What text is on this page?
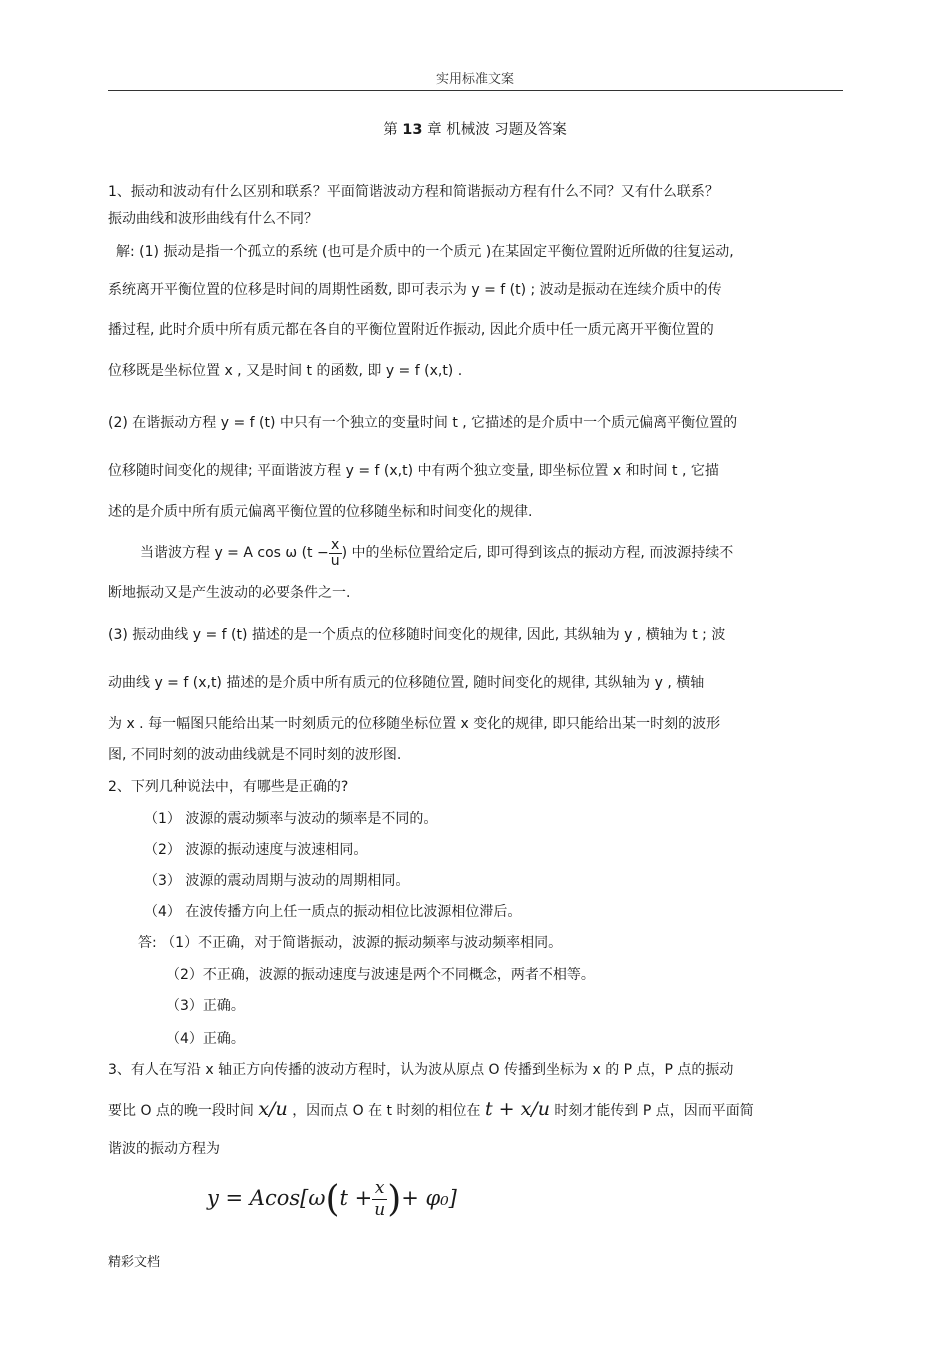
实用标准文案
第 13 章 机械波 习题及答案
1、振动和波动有什么区别和联系？平面简谐波动方程和简谐振动方程有什么不同？又有什么联系？
振动曲线和波形曲线有什么不同？
解: (1) 振动是指一个孤立的系统 (也可是介质中的一个质元 )在某固定平衡位置附近所做的往复运动,
系统离开平衡位置的位移是时间的周期性函数, 即可表示为 y = f (t) ; 波动是振动在连续介质中的传
播过程, 此时介质中所有质元都在各自的平衡位置附近作振动, 因此介质中任一质元离开平衡位置的
位移既是坐标位置 x , 又是时间 t 的函数, 即 y = f (x,t) .
(2) 在谐振动方程 y = f (t) 中只有一个独立的变量时间 t , 它描述的是介质中一个质元偏离平衡位置的
位移随时间变化的规律; 平面谐波方程 y = f (x,t) 中有两个独立变量, 即坐标位置 x 和时间 t , 它描
述的是介质中所有质元偏离平衡位置的位移随坐标和时间变化的规律.
当谐波方程 y = A cos ω ($t - \frac{x}{u}$ ) 中的坐标位置给定后, 即可得到该点的振动方程, 而波源持续不
断地振动又是产生波动的必要条件之一.
(3) 振动曲线 y = f (t) 描述的是一个质点的位移随时间变化的规律, 因此, 其纵轴为 y , 横轴为 t ; 波
动曲线 y = f (x,t) 描述的是介质中所有质元的位移随位置, 随时间变化的规律, 其纵轴为 y , 横轴
为 x . 每一幅图只能给出某一时刻质元的位移随坐标位置 x 变化的规律, 即只能给出某一时刻的波形
图, 不同时刻的波动曲线就是不同时刻的波形图.
2、下列几种说法中，有哪些是正确的?
（1） 波源的震动频率与波动的频率是不同的。
（2） 波源的振动速度与波速相同。
（3） 波源的震动周期与波动的周期相同。
（4） 在波传播方向上任一质点的振动相位比波源相位滞后。
答: （1）不正确，对于简谐振动，波源的振动频率与波动频率相同。
（2）不正确，波源的振动速度与波速是两个不同概念，两者不相等。
（3）正确。
（4）正确。
3、有人在写沿 x 轴正方向传播的波动方程时，认为波从原点 O 传播到坐标为 x 的 P 点，P 点的振动
要比 O 点的晚一段时间 x/u ，因而点 O 在 t 时刻的相位在 t + x/u 时刻才能传到 P 点，因而平面简
谐波的振动方程为
$y = Acos[\omega(t + \frac{x}{u}$ )+ φ₀]
精彩文档
